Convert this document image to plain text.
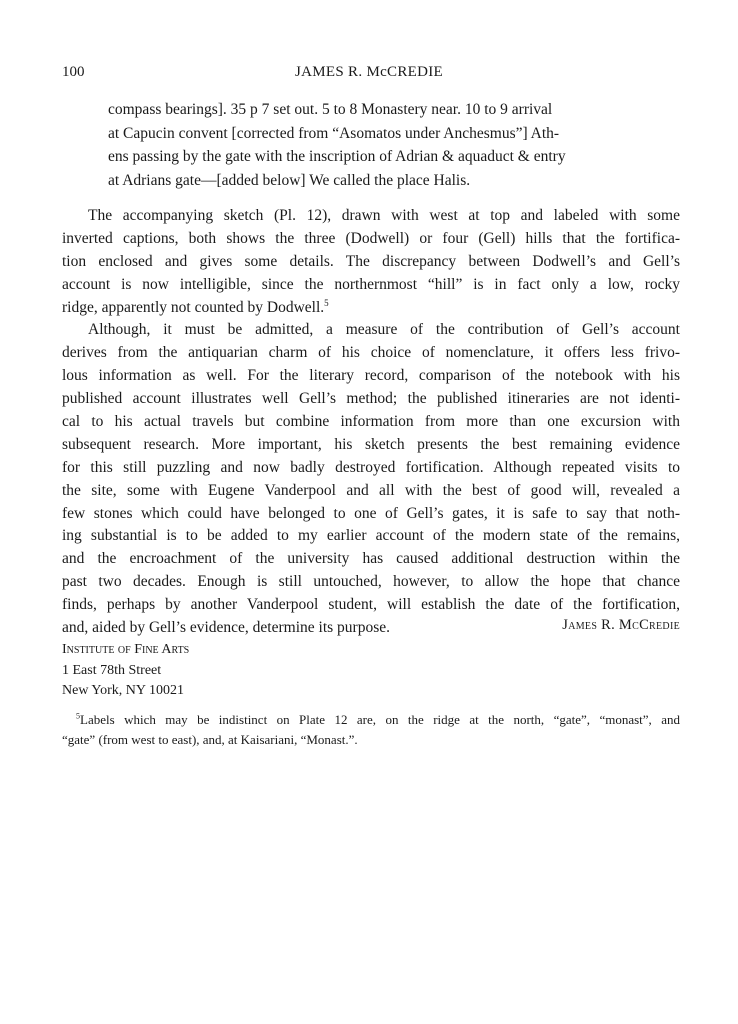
100	JAMES R. McCREDIE
compass bearings]. 35 p 7 set out. 5 to 8 Monastery near. 10 to 9 arrival
at Capucin convent [corrected from “Asomatos under Anchesmus”] Ath-
ens passing by the gate with the inscription of Adrian & aquaduct & entry
at Adrians gate—[added below] We called the place Halis.
The accompanying sketch (Pl. 12), drawn with west at top and labeled with some
inverted captions, both shows the three (Dodwell) or four (Gell) hills that the fortifica-
tion enclosed and gives some details. The discrepancy between Dodwell’s and Gell’s
account is now intelligible, since the northernmost “hill” is in fact only a low, rocky
ridge, apparently not counted by Dodwell.$^5$
Although, it must be admitted, a measure of the contribution of Gell’s account
derives from the antiquarian charm of his choice of nomenclature, it offers less frivo-
lous information as well. For the literary record, comparison of the notebook with his
published account illustrates well Gell’s method; the published itineraries are not identi-
cal to his actual travels but combine information from more than one excursion with
subsequent research. More important, his sketch presents the best remaining evidence
for this still puzzling and now badly destroyed fortification. Although repeated visits to
the site, some with Eugene Vanderpool and all with the best of good will, revealed a
few stones which could have belonged to one of Gell’s gates, it is safe to say that noth-
ing substantial is to be added to my earlier account of the modern state of the remains,
and the encroachment of the university has caused additional destruction within the
past two decades. Enough is still untouched, however, to allow the hope that chance
finds, perhaps by another Vanderpool student, will establish the date of the fortification,
and, aided by Gell’s evidence, determine its purpose.	James R. McCredie
Institute of Fine Arts
1 East 78th Street
New York, NY 10021
$^5$Labels which may be indistinct on Plate 12 are, on the ridge at the north, “gate”, “monast”, and
“gate” (from west to east), and, at Kaisariani, “Monast.”.
